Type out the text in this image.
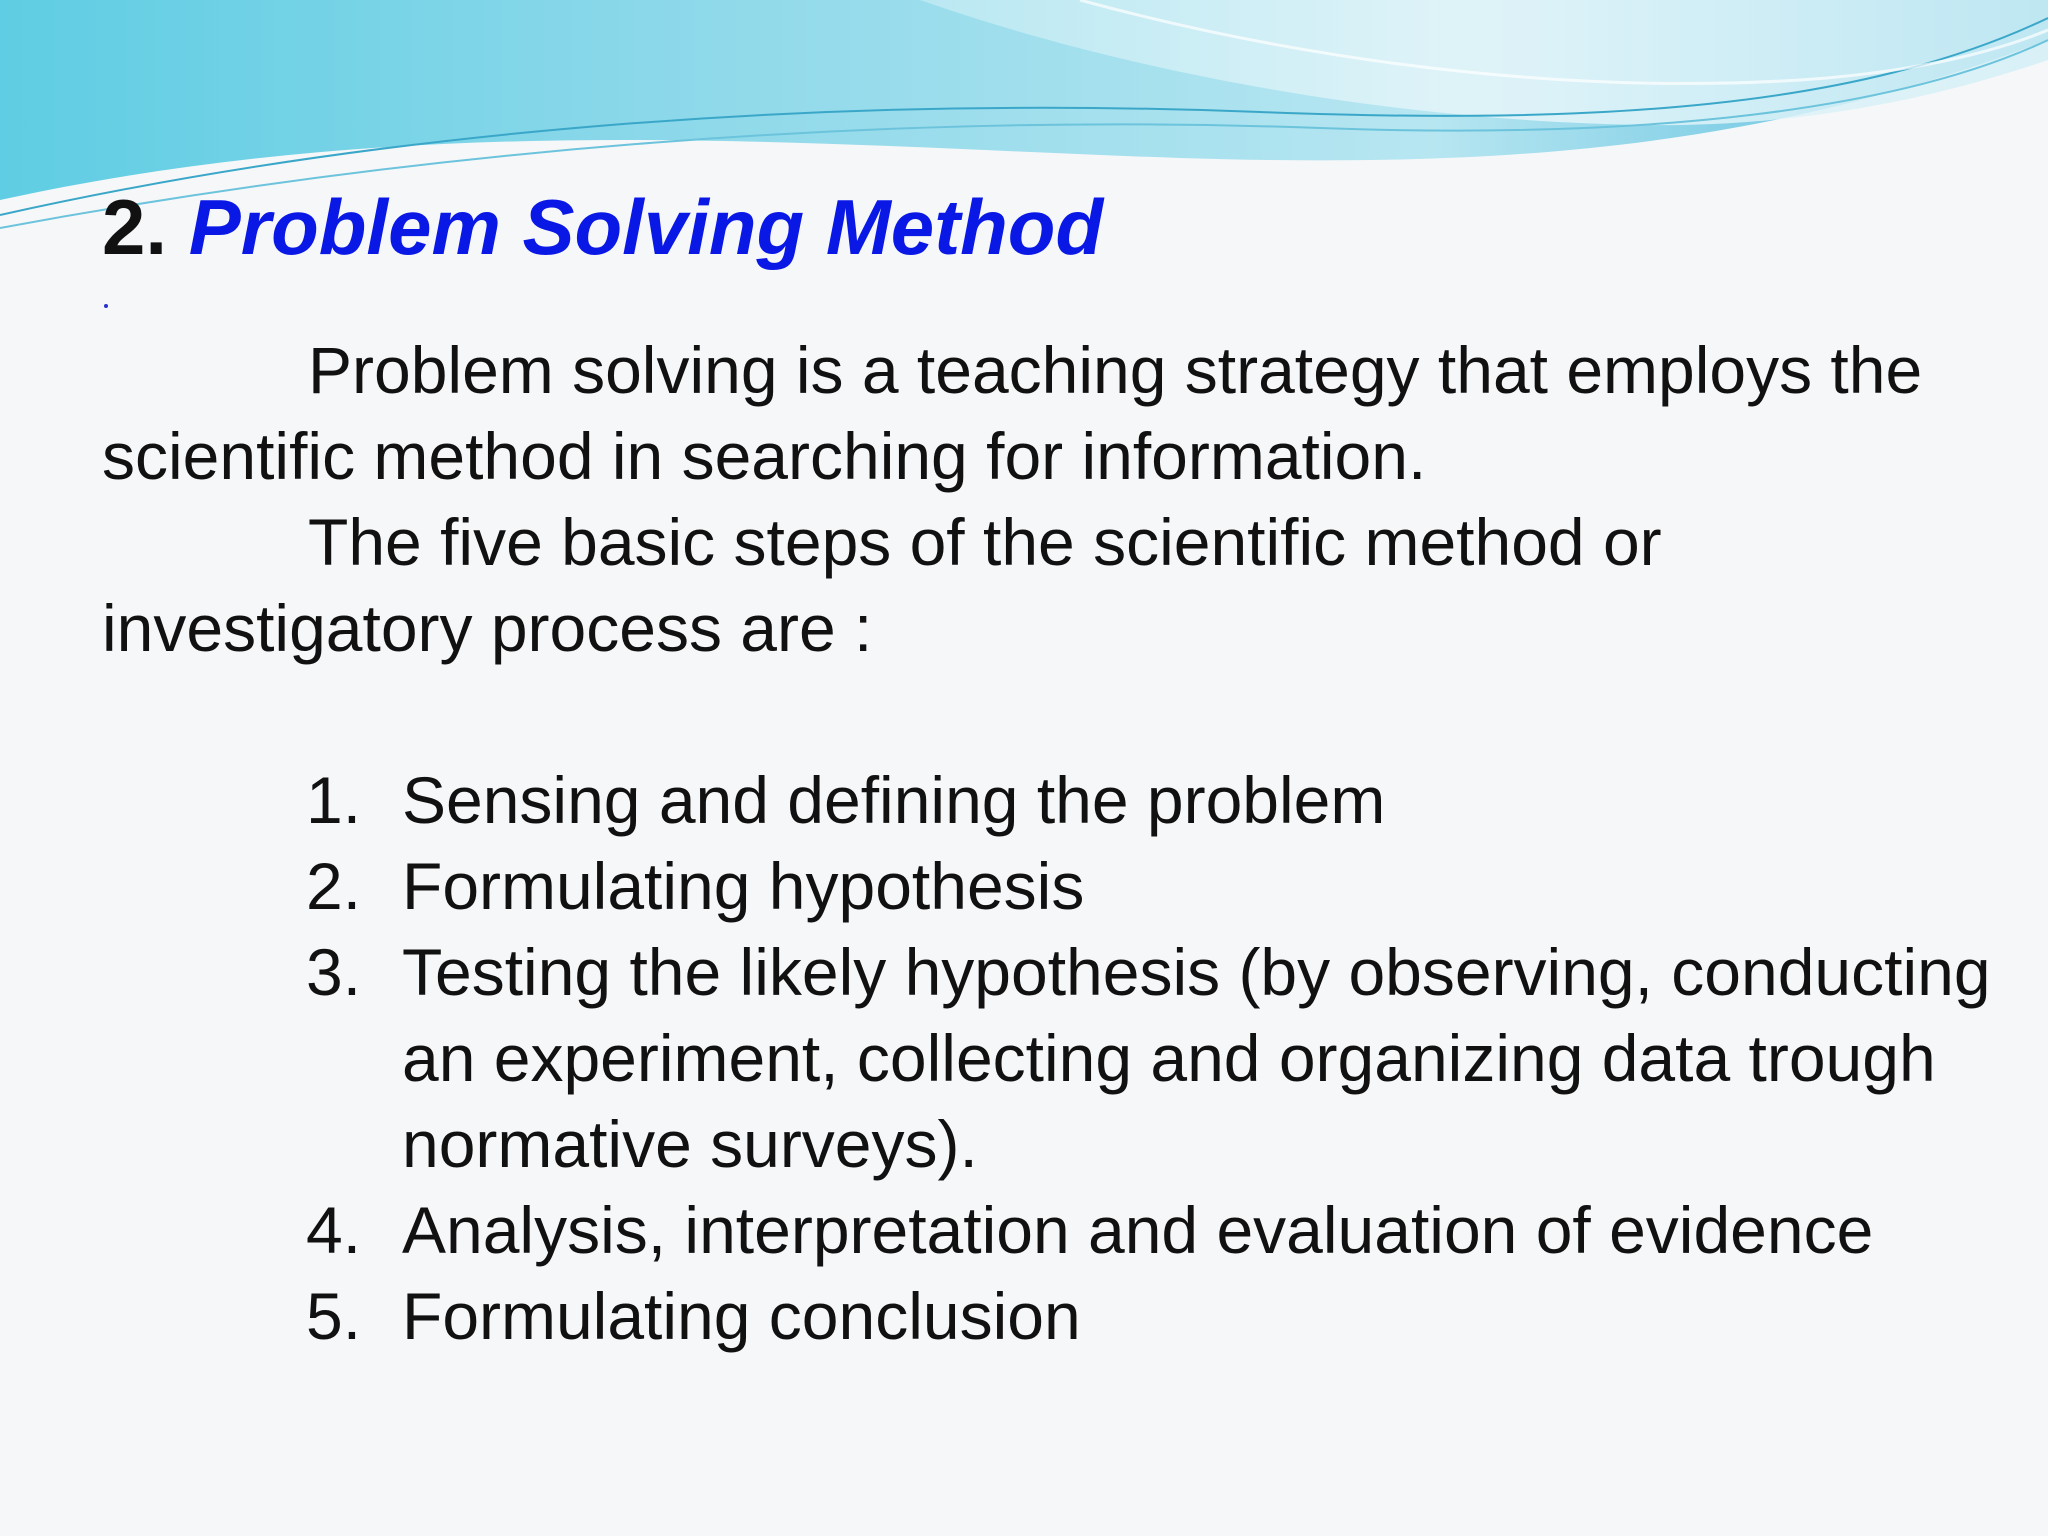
2. Problem Solving Method

Problem solving is a teaching strategy that employs the scientific method in searching for information.

The five basic steps of the scientific method or investigatory process are :

1. Sensing and defining the problem
2. Formulating hypothesis
3. Testing the likely hypothesis (by observing, conducting an experiment, collecting and organizing data trough normative surveys).
4. Analysis, interpretation and evaluation of evidence
5. Formulating conclusion
